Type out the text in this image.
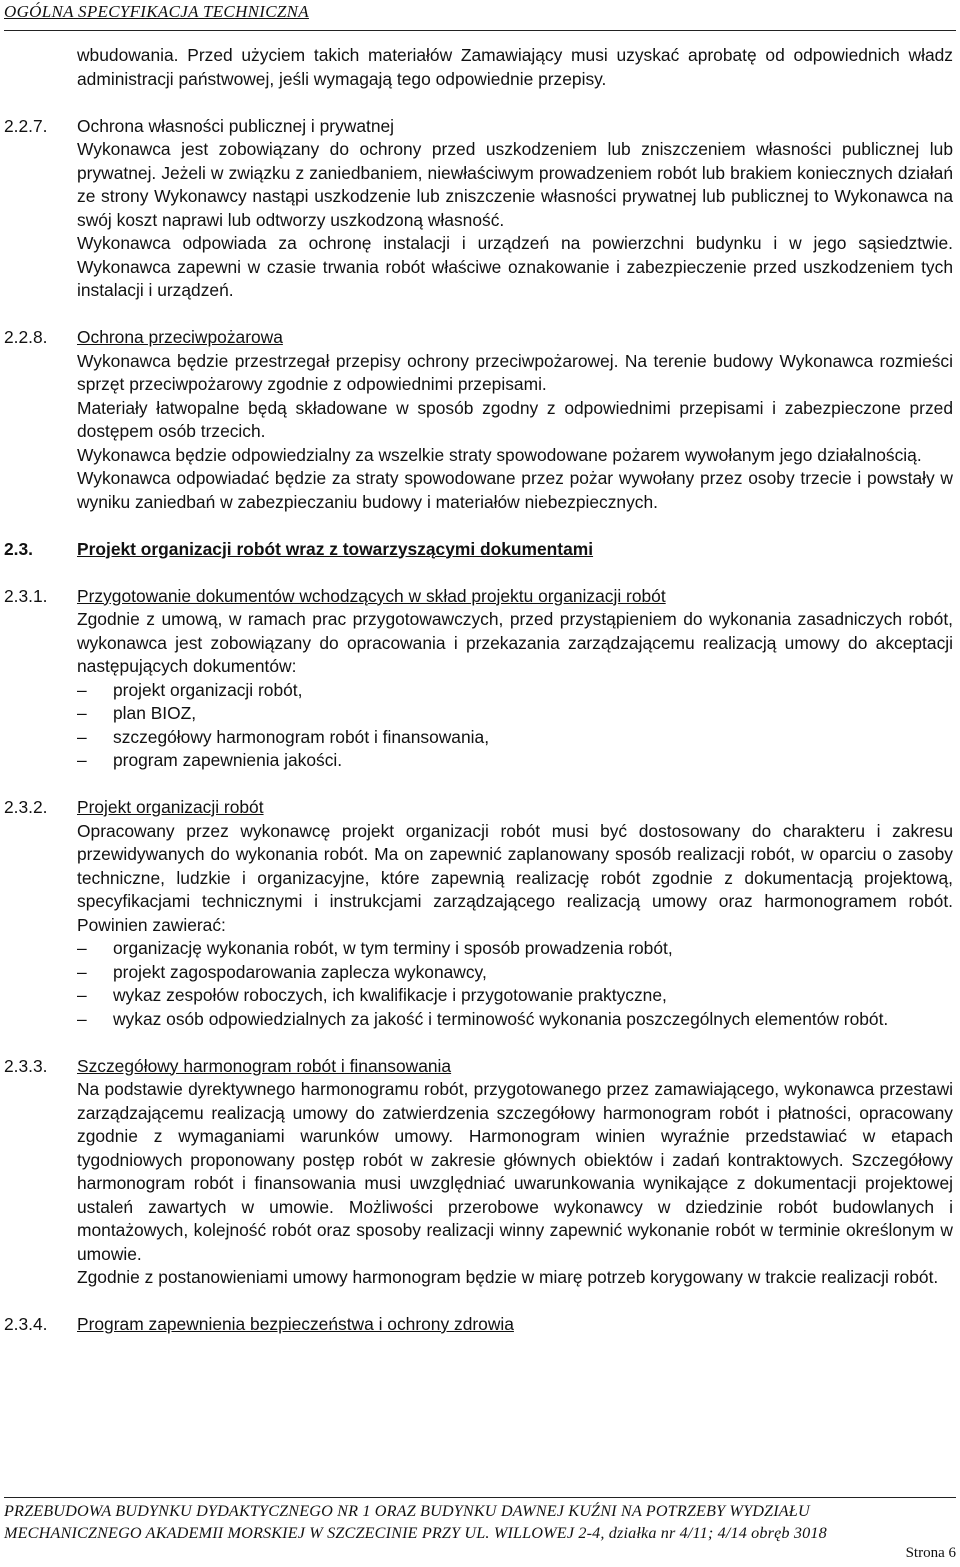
OGÓLNA SPECYFIKACJA TECHNICZNA

wbudowania. Przed użyciem takich materiałów Zamawiający musi uzyskać aprobatę od odpowiednich władz administracji państwowej, jeśli wymagają tego odpowiednie przepisy.

2.2.7. Ochrona własności publicznej i prywatnej

Wykonawca jest zobowiązany do ochrony przed uszkodzeniem lub zniszczeniem własności publicznej lub prywatnej. Jeżeli w związku z zaniedbaniem, niewłaściwym prowadzeniem robót lub brakiem koniecznych działań ze strony Wykonawcy nastąpi uszkodzenie lub zniszczenie własności prywatnej lub publicznej to Wykonawca na swój koszt naprawi lub odtworzy uszkodzoną własność.

Wykonawca odpowiada za ochronę instalacji i urządzeń na powierzchni budynku i w jego sąsiedztwie. Wykonawca zapewni w czasie trwania robót właściwe oznakowanie i zabezpieczenie przed uszkodzeniem tych instalacji i urządzeń.

2.2.8. Ochrona przeciwpożarowa

Wykonawca będzie przestrzegał przepisy ochrony przeciwpożarowej. Na terenie budowy Wykonawca rozmieści sprzęt przeciwpożarowy zgodnie z odpowiednimi przepisami.

Materiały łatwopalne będą składowane w sposób zgodny z odpowiednimi przepisami i zabezpieczone przed dostępem osób trzecich.

Wykonawca będzie odpowiedzialny za wszelkie straty spowodowane pożarem wywołanym jego działalnością.

Wykonawca odpowiadać będzie za straty spowodowane przez pożar wywołany przez osoby trzecie i powstały w wyniku zaniedbań w zabezpieczaniu budowy i materiałów niebezpiecznych.

2.3.	Projekt organizacji robót wraz z towarzyszącymi dokumentami

2.3.1. Przygotowanie dokumentów wchodzących w skład projektu organizacji robót

Zgodnie z umową, w ramach prac przygotowawczych, przed przystąpieniem do wykonania zasadniczych robót, wykonawca jest zobowiązany do opracowania i przekazania zarządzającemu realizacją umowy do akceptacji następujących dokumentów:

– projekt organizacji robót,
– plan BIOZ,
– szczegółowy harmonogram robót i finansowania,
– program zapewnienia jakości.
2.3.2. Projekt organizacji robót

Opracowany przez wykonawcę projekt organizacji robót musi być dostosowany do charakteru i zakresu przewidywanych do wykonania robót. Ma on zapewnić zaplanowany sposób realizacji robót, w oparciu o zasoby techniczne, ludzkie i organizacyjne, które zapewnią realizację robót zgodnie z dokumentacją projektową, specyfikacjami technicznymi i instrukcjami zarządzającego realizacją umowy oraz harmonogramem robót. Powinien zawierać:

– organizację wykonania robót, w tym terminy i sposób prowadzenia robót,
– projekt zagospodarowania zaplecza wykonawcy,
– wykaz zespołów roboczych, ich kwalifikacje i przygotowanie praktyczne,
– wykaz osób odpowiedzialnych za jakość i terminowość wykonania poszczególnych elementów robót.
2.3.3. Szczegółowy harmonogram robót i finansowania

Na podstawie dyrektywnego harmonogramu robót, przygotowanego przez zamawiającego, wykonawca przestawi zarządzającemu realizacją umowy do zatwierdzenia szczegółowy harmonogram robót i płatności, opracowany zgodnie z wymaganiami warunków umowy. Harmonogram winien wyraźnie przedstawiać w etapach tygodniowych proponowany postęp robót w zakresie głównych obiektów i zadań kontraktowych. Szczegółowy harmonogram robót i finansowania musi uwzględniać uwarunkowania wynikające z dokumentacji projektowej ustaleń zawartych w umowie. Możliwości przerobowe wykonawcy w dziedzinie robót budowlanych i montażowych, kolejność robót oraz sposoby realizacji winny zapewnić wykonanie robót w terminie określonym w umowie.

Zgodnie z postanowieniami umowy harmonogram będzie w miarę potrzeb korygowany w trakcie realizacji robót.

2.3.4. Program zapewnienia bezpieczeństwa i ochrony zdrowia

PRZEBUDOWA BUDYNKU DYDAKTYCZNEGO NR 1 ORAZ BUDYNKU DAWNEJ KUŹNI NA POTRZEBY WYDZIAŁU
MECHANICZNEGO AKADEMII MORSKIEJ W SZCZECINIE PRZY UL. WILLOWEJ 2-4, działka nr 4/11; 4/14 obręb 3018
Strona 6
